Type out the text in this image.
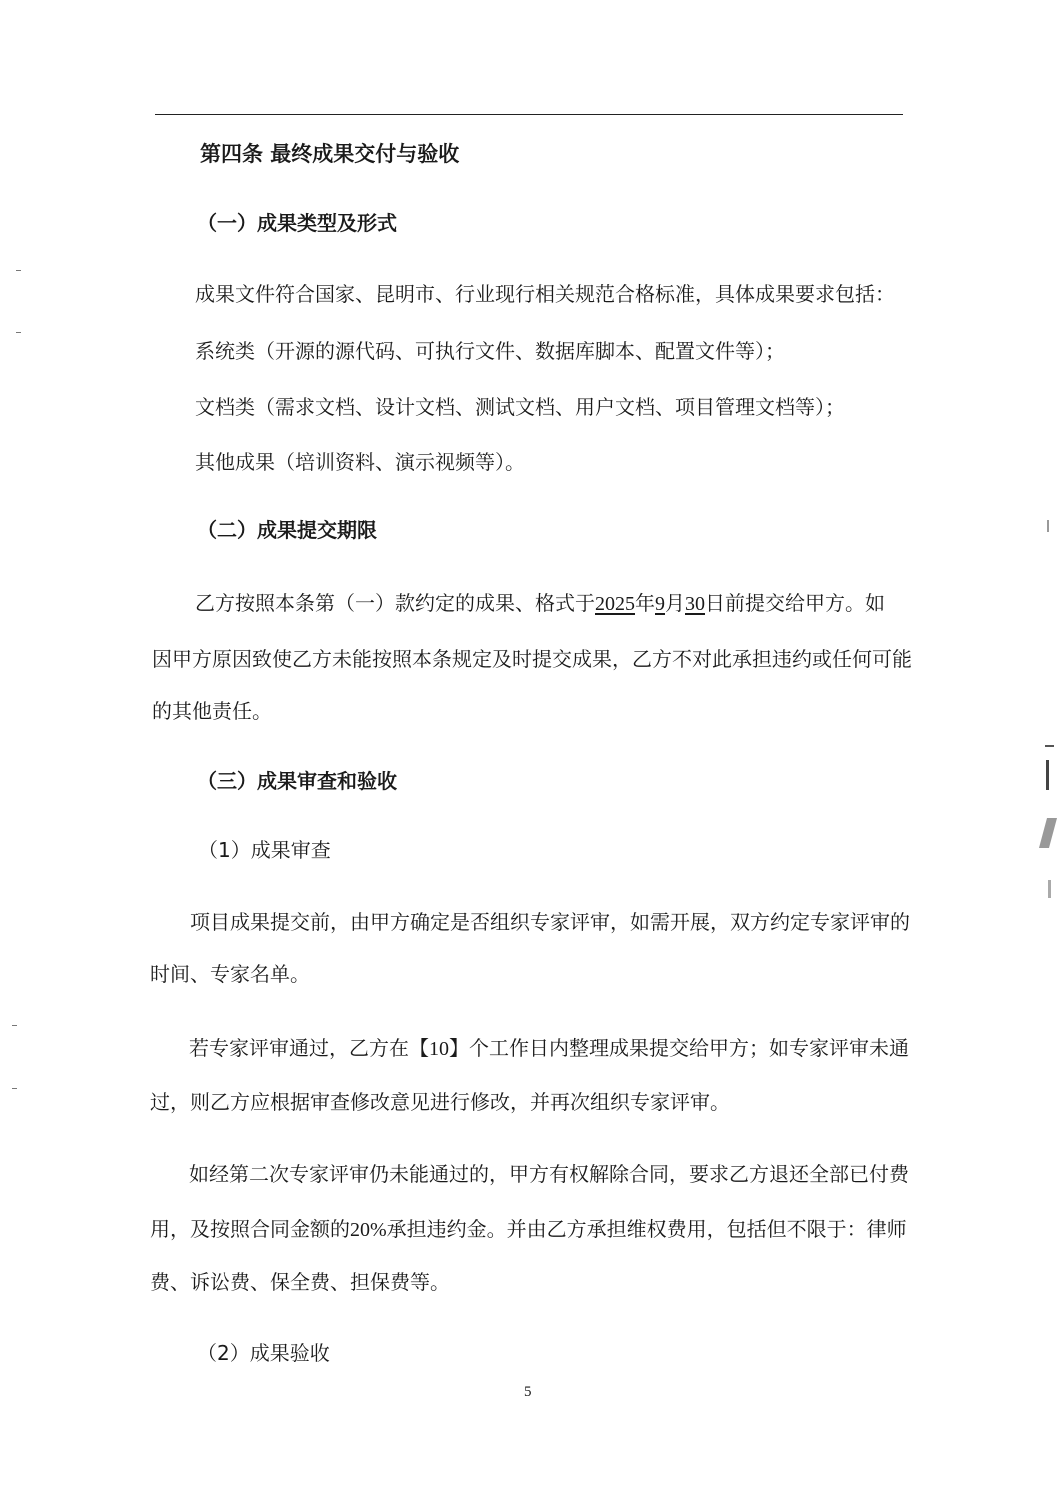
第四条 最终成果交付与验收
（一）成果类型及形式
成果文件符合国家、昆明市、行业现行相关规范合格标准，具体成果要求包括：
系统类（开源的源代码、可执行文件、数据库脚本、配置文件等）；
文档类（需求文档、设计文档、测试文档、用户文档、项目管理文档等）；
其他成果（培训资料、演示视频等）。
（二）成果提交期限
乙方按照本条第（一）款约定的成果、格式于2025年9月30日前提交给甲方。如
因甲方原因致使乙方未能按照本条规定及时提交成果，乙方不对此承担违约或任何可能
的其他责任。
（三）成果审查和验收
（1）成果审查
项目成果提交前，由甲方确定是否组织专家评审，如需开展，双方约定专家评审的
时间、专家名单。
若专家评审通过，乙方在【10】个工作日内整理成果提交给甲方；如专家评审未通
过，则乙方应根据审查修改意见进行修改，并再次组织专家评审。
如经第二次专家评审仍未能通过的，甲方有权解除合同，要求乙方退还全部已付费
用，及按照合同金额的20%承担违约金。并由乙方承担维权费用，包括但不限于：律师
费、诉讼费、保全费、担保费等。
（2）成果验收
5
